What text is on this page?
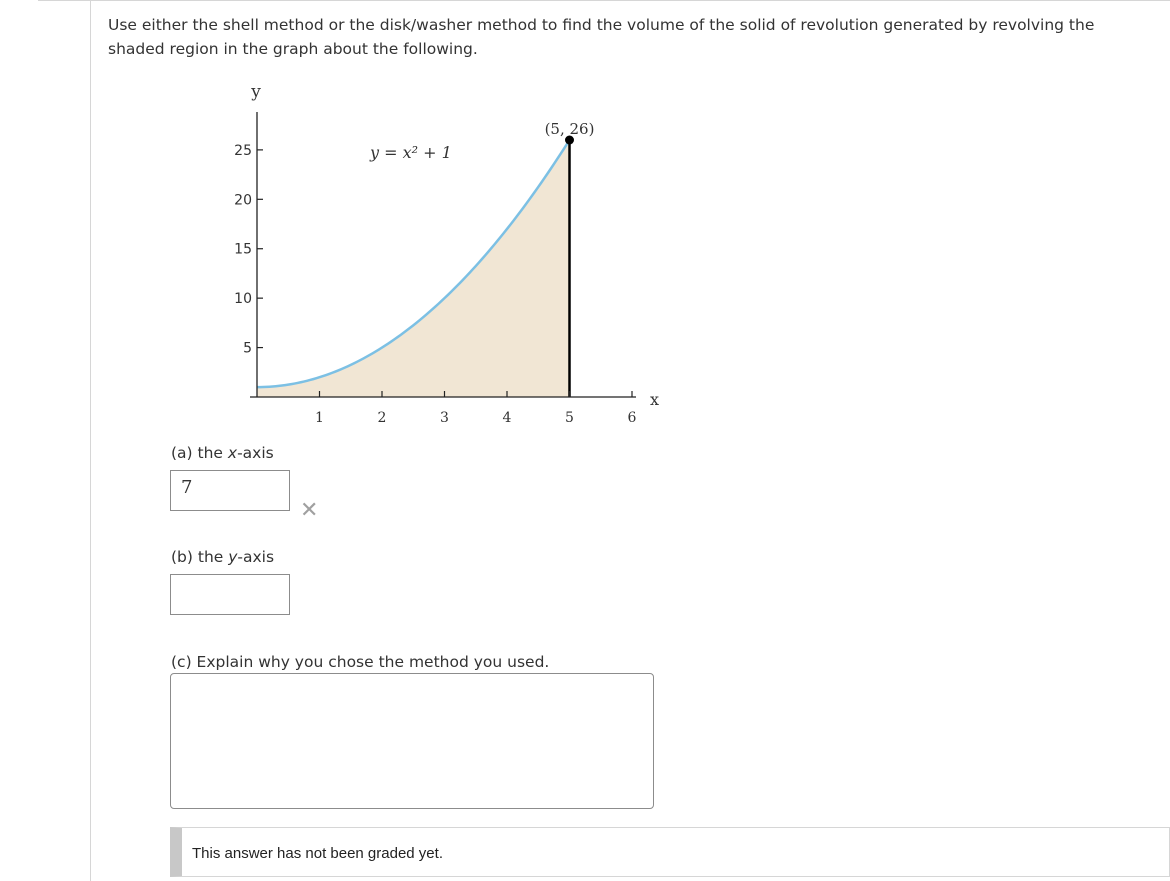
Use either the shell method or the disk/washer method to find the volume of the solid of revolution generated by revolving the shaded region in the graph about the following.
5
10
15
20
25
1	2	3	4	5	6
y
x
y = x² + 1
(5, 26)
(a) the x-axis
7
✕
(b) the y-axis
(c) Explain why you chose the method you used.
This answer has not been graded yet.
